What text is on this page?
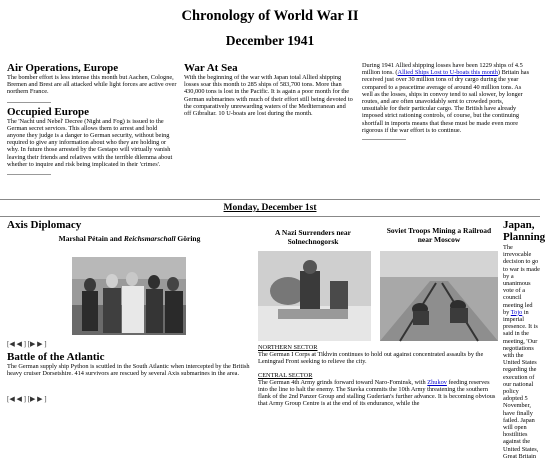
Chronology of World War II
December 1941
Air Operations, Europe

The bomber effort is less intense this month but Aachen, Cologne, Bremen and Brest are all attacked while light forces are active over northern France.

Occupied Europe

The 'Nacht und Nebel' Decree (Night and Fog) is issued to the German secret services. This allows them to arrest and hold anyone they judge is a danger to German security, without being required to give any information about who they are holding or why. In future those arrested by the Gestapo will virtually vanish leaving their friends and relatives with the terrible dilemma about whether to inquire and risk being implicated in their 'crimes'.

War At Sea

With the beginning of the war with Japan total Allied shipping losses soar this month to 285 ships of 583,700 tons. More than 430,000 tons is lost in the Pacific. It is again a poor month for the German submarines with much of their effort still being devoted to the comparatively unrewarding waters of the Mediterranean and off Gibraltar. 10 U-boats are lost during the month.

During 1941 Allied shipping losses have been 1229 ships of 4.5 million tons. (Allied Ships Lost to U-boats this month) Britain has received just over 30 million tons of dry cargo during the year compared to a peacetime average of around 40 million tons. As well as the losses, ships in convoy tend to sail slower, by longer routes, and are often unavoidably sent to crowded ports, unsuitable for their particular cargo. The British have already imposed strict rationing controls, of course, but the continuing shortfall in imports means that these must be made even more rigorous if the war effort is to continue.

Monday, December 1st
Axis Diplomacy
Marshal Pétain and Reichsmarschall Göring
[◀ ◀ ] [▶ ▶ ]
Battle of the Atlantic

The German supply ship Python is scuttled in the South Atlantic when intercepted by the British heavy cruiser Dorsetshire. 414 survivors are rescued by several Axis submarines in the area.

[◀ ◀ ] [▶ ▶ ]
A Nazi Surrenders near Solnechnogorsk
Soviet Troops Mining a Railroad near Moscow
NORTHERN SECTOR

The German I Corps at Tikhvin continues to hold out against concentrated assaults by the Leningrad Front seeking to relieve the city.

CENTRAL SECTOR

The German 4th Army grinds forward toward Naro-Fominsk, with Zhukov feeding reserves into the line to halt the enemy. The Stavka commits the 10th Army threatening the southern flank of the 2nd Panzer Group and stalling Guderian's further advance. It is becoming obvious that Army Group Centre is at the end of its endurance, while the

Japan, Planning

The irrevocable decision to go to war is made by a unanimous vote of a council meeting led by Tojo in imperial presence. It is said in the meeting, 'Our negotiations with the United States regarding the execution of our national policy adopted 5 November, have finally failed. Japan will open hostilities against the United States, Great Britain
